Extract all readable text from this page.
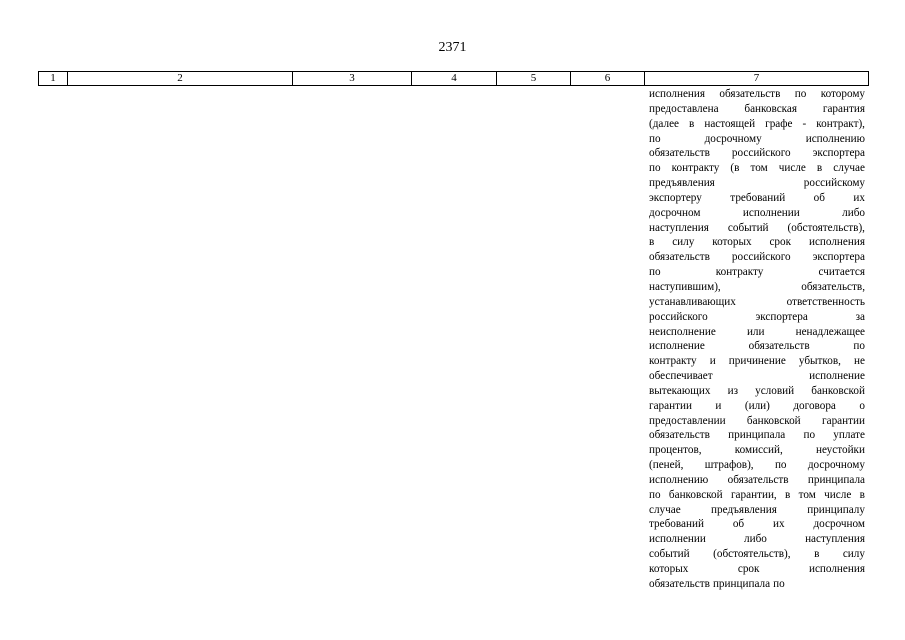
2371
1	2	3	4	5	6	7
исполнения обязательств по которому
предоставлена банковская гарантия
(далее в настоящей графе - контракт),
по	досрочному	исполнению
обязательств российского экспортера
по контракту (в том числе в случае
предъявления	российскому
экспортеру	требований	об	их
досрочном	исполнении	либо
наступления событий (обстоятельств),
в силу которых срок исполнения
обязательств российского экспортера
по	контракту	считается
наступившим),	обязательств,
устанавливающих	ответственность
российского	экспортера	за
неисполнение	или	ненадлежащее
исполнение	обязательств	по
контракту и причинение убытков, не
обеспечивает	исполнение
вытекающих из условий банковской
гарантии и (или) договора о
предоставлении банковской гарантии
обязательств принципала по уплате
процентов,	комиссий,	неустойки
(пеней, штрафов), по досрочному
исполнению обязательств принципала
по банковской гарантии, в том числе в
случае	предъявления	принципалу
требований	об	их	досрочном
исполнении	либо	наступления
событий (обстоятельств), в силу
которых	срок	исполнения
обязательств принципала по
